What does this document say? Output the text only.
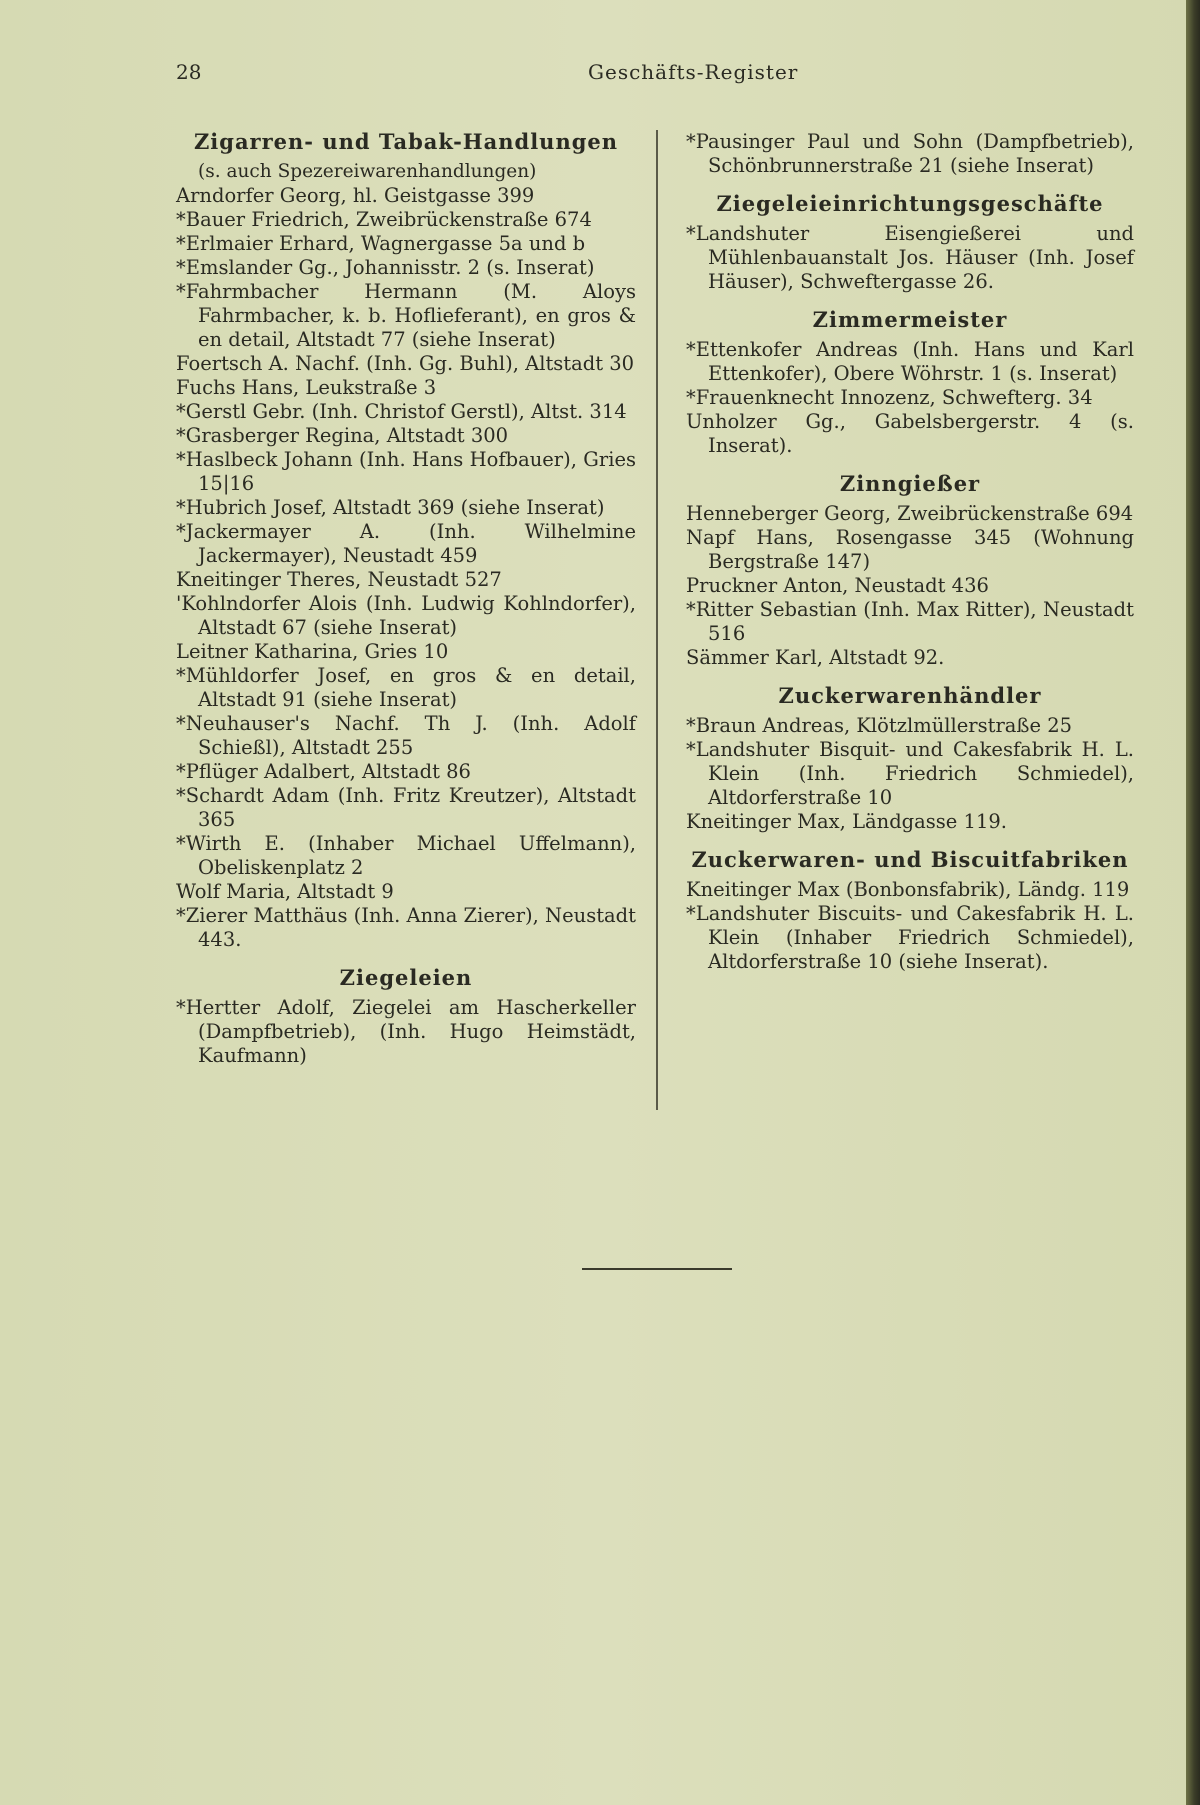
28	Geschäfts-Register
Zigarren- und Tabak-Handlungen
(s. auch Spezereiwarenhandlungen)
Arndorfer Georg, hl. Geistgasse 399
*Bauer Friedrich, Zweibrückenstraße 674
*Erlmaier Erhard, Wagnergasse 5a und b
*Emslander Gg., Johannisstr. 2 (s. Inserat)
*Fahrmbacher Hermann (M. Aloys Fahrmbacher, k. b. Hoflieferant), en gros & en detail, Altstadt 77 (siehe Inserat)
Foertsch A. Nachf. (Inh. Gg. Buhl), Altstadt 30
Fuchs Hans, Leukstraße 3
*Gerstl Gebr. (Inh. Christof Gerstl), Altst. 314
*Grasberger Regina, Altstadt 300
*Haslbeck Johann (Inh. Hans Hofbauer), Gries 15|16
*Hubrich Josef, Altstadt 369 (siehe Inserat)
*Jackermayer A. (Inh. Wilhelmine Jackermayer), Neustadt 459
Kneitinger Theres, Neustadt 527
'Kohlndorfer Alois (Inh. Ludwig Kohlndorfer), Altstadt 67 (siehe Inserat)
Leitner Katharina, Gries 10
*Mühldorfer Josef, en gros & en detail, Altstadt 91 (siehe Inserat)
*Neuhauser's Nachf. Th J. (Inh. Adolf Schießl), Altstadt 255
*Pflüger Adalbert, Altstadt 86
*Schardt Adam (Inh. Fritz Kreutzer), Altstadt 365
*Wirth E. (Inhaber Michael Uffelmann), Obeliskenplatz 2
Wolf Maria, Altstadt 9
*Zierer Matthäus (Inh. Anna Zierer), Neustadt 443.
Ziegeleien
*Hertter Adolf, Ziegelei am Hascherkeller (Dampfbetrieb), (Inh. Hugo Heimstädt, Kaufmann)
*Pausinger Paul und Sohn (Dampfbetrieb), Schönbrunnerstraße 21 (siehe Inserat)
Ziegeleieinrichtungsgeschäfte
*Landshuter Eisengießerei und Mühlenbauanstalt Jos. Häuser (Inh. Josef Häuser), Schweftergasse 26.
Zimmermeister
*Ettenkofer Andreas (Inh. Hans und Karl Ettenkofer), Obere Wöhrstr. 1 (s. Inserat)
*Frauenknecht Innozenz, Schwefterg. 34
Unholzer Gg., Gabelsbergerstr. 4 (s. Inserat).
Zinngießer
Henneberger Georg, Zweibrückenstraße 694
Napf Hans, Rosengasse 345 (Wohnung Bergstraße 147)
Pruckner Anton, Neustadt 436
*Ritter Sebastian (Inh. Max Ritter), Neustadt 516
Sämmer Karl, Altstadt 92.
Zuckerwarenhändler
*Braun Andreas, Klötzlmüllerstraße 25
*Landshuter Bisquit- und Cakesfabrik H. L. Klein (Inh. Friedrich Schmiedel), Altdorferstraße 10
Kneitinger Max, Ländgasse 119.
Zuckerwaren- und Biscuitfabriken
Kneitinger Max (Bonbonsfabrik), Ländg. 119
*Landshuter Biscuits- und Cakesfabrik H. L. Klein (Inhaber Friedrich Schmiedel), Altdorferstraße 10 (siehe Inserat).
